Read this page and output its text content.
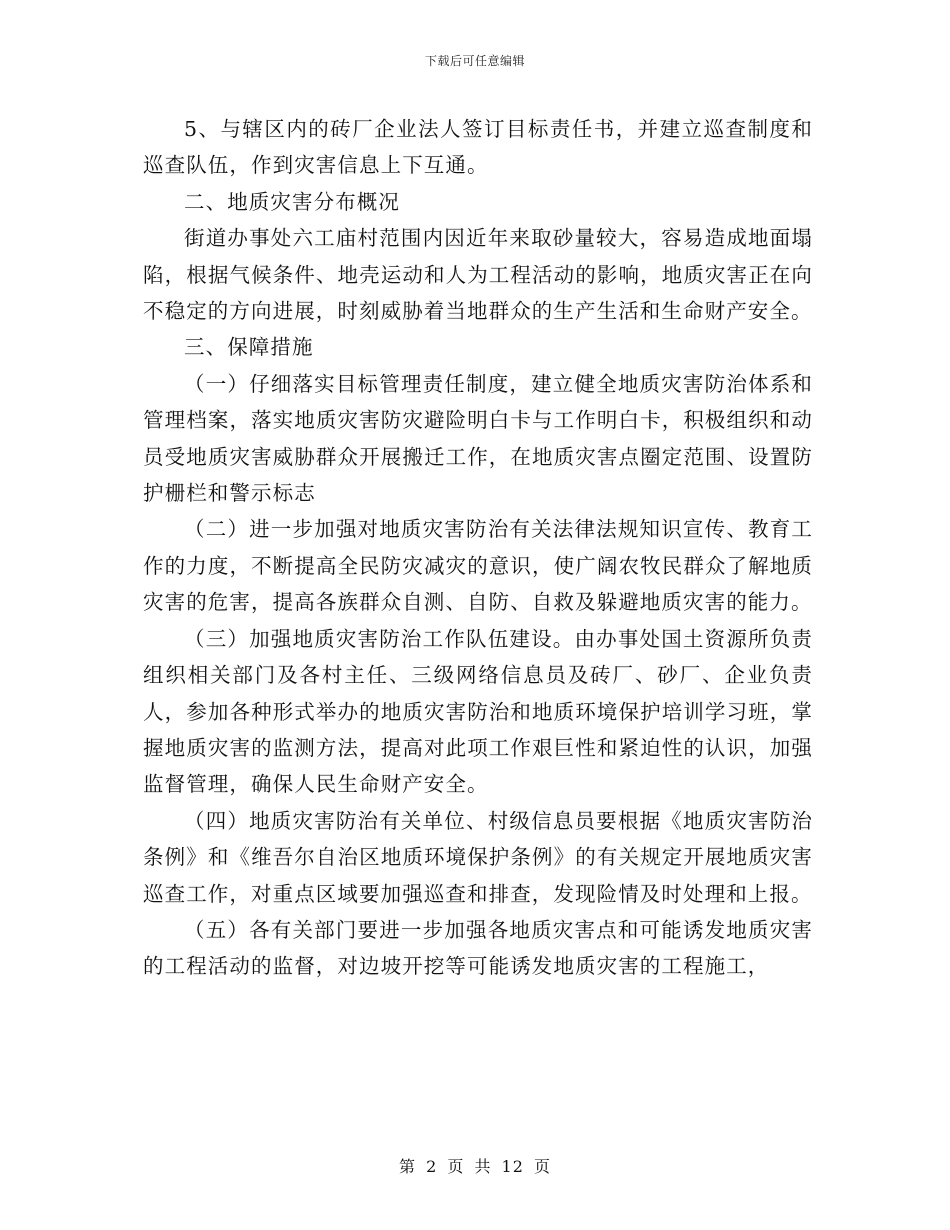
下载后可任意编辑

5、与辖区内的砖厂企业法人签订目标责任书，并建立巡查制度和巡查队伍，作到灾害信息上下互通。

二、地质灾害分布概况

街道办事处六工庙村范围内因近年来取砂量较大，容易造成地面塌陷，根据气候条件、地壳运动和人为工程活动的影响，地质灾害正在向不稳定的方向进展，时刻威胁着当地群众的生产生活和生命财产安全。

三、保障措施

（一）仔细落实目标管理责任制度，建立健全地质灾害防治体系和管理档案，落实地质灾害防灾避险明白卡与工作明白卡，积极组织和动员受地质灾害威胁群众开展搬迁工作，在地质灾害点圈定范围、设置防护栅栏和警示标志

（二）进一步加强对地质灾害防治有关法律法规知识宣传、教育工作的力度，不断提高全民防灾减灾的意识，使广阔农牧民群众了解地质灾害的危害，提高各族群众自测、自防、自救及躲避地质灾害的能力。

（三）加强地质灾害防治工作队伍建设。由办事处国土资源所负责组织相关部门及各村主任、三级网络信息员及砖厂、砂厂、企业负责人，参加各种形式举办的地质灾害防治和地质环境保护培训学习班，掌握地质灾害的监测方法，提高对此项工作艰巨性和紧迫性的认识，加强监督管理，确保人民生命财产安全。

（四）地质灾害防治有关单位、村级信息员要根据《地质灾害防治条例》和《维吾尔自治区地质环境保护条例》的有关规定开展地质灾害巡查工作，对重点区域要加强巡查和排查，发现险情及时处理和上报。

（五）各有关部门要进一步加强各地质灾害点和可能诱发地质灾害的工程活动的监督，对边坡开挖等可能诱发地质灾害的工程施工，

第 2 页 共 12 页
